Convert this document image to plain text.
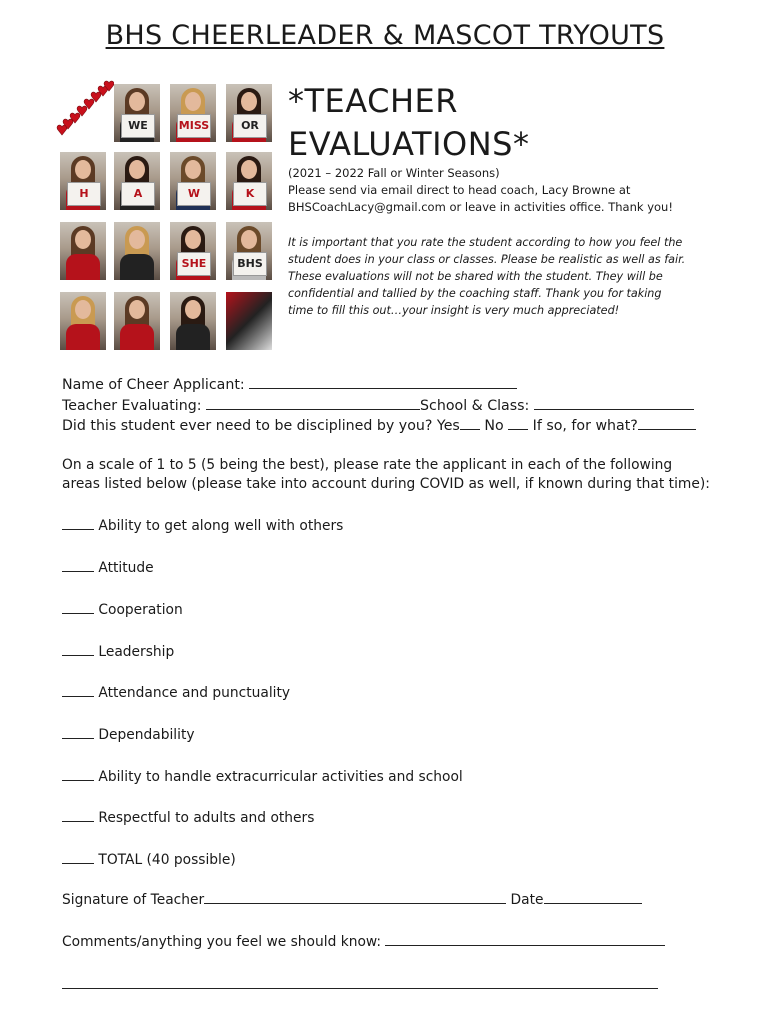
BHS CHEERLEADER & MASCOT TRYOUTS
WE	MISS	OR
H	A	W	K
SHE	BHS
*TEACHER
EVALUATIONS*
(2021 – 2022 Fall or Winter Seasons)
Please send via email direct to head coach, Lacy Browne at
BHSCoachLacy@gmail.com or leave in activities office. Thank you!
It is important that you rate the student according to how you feel the student does in your class or classes. Please be realistic as well as fair. These evaluations will not be shared with the student. They will be confidential and tallied by the coaching staff. Thank you for taking time to fill this out…your insight is very much appreciated!
Name of Cheer Applicant:
Teacher Evaluating:	School & Class:
Did this student ever need to be disciplined by you? Yes No If so, for what?
On a scale of 1 to 5 (5 being the best), please rate the applicant in each of the following areas listed below (please take into account during COVID as well, if known during that time):
Ability to get along well with others
Attitude
Cooperation
Leadership
Attendance and punctuality
Dependability
Ability to handle extracurricular activities and school
Respectful to adults and others
TOTAL (40 possible)
Signature of Teacher	Date
Comments/anything you feel we should know:
